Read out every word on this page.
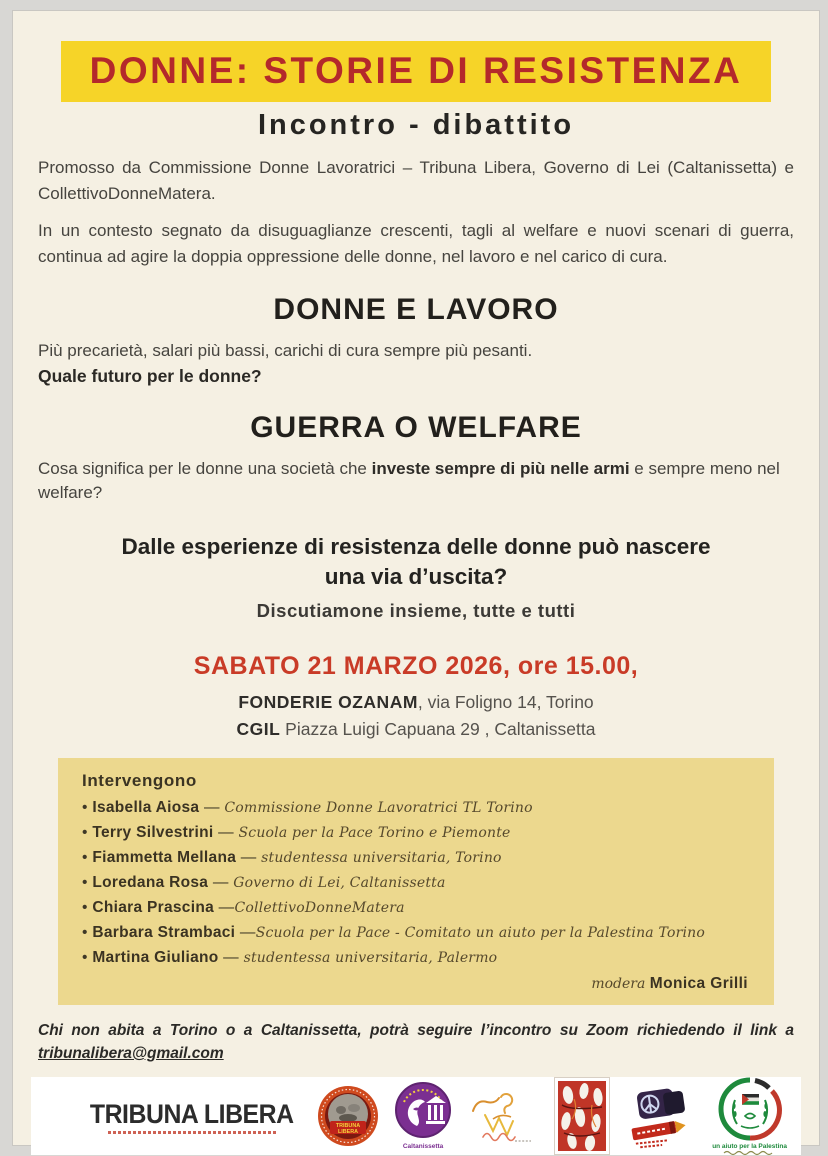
DONNE: STORIE DI RESISTENZA
Incontro - dibattito

Promosso da Commissione Donne Lavoratrici – Tribuna Libera, Governo di Lei (Caltanissetta) e CollettivoDonneMatera.

In un contesto segnato da disuguaglianze crescenti, tagli al welfare e nuovi scenari di guerra, continua ad agire la doppia oppressione delle donne, nel lavoro e nel carico di cura.

DONNE E LAVORO

Più precarietà, salari più bassi, carichi di cura sempre più pesanti.

Quale futuro per le donne?

GUERRA O WELFARE

Cosa significa per le donne una società che investe sempre di più nelle armi e sempre meno nel welfare?

Dalle esperienze di resistenza delle donne può nascere
una via d’uscita?
Discutiamone insieme, tutte e tutti
SABATO 21 MARZO 2026, ore 15.00,
FONDERIE OZANAM, via Foligno 14, Torino
CGIL Piazza Luigi Capuana 29 , Caltanissetta
Intervengono
• Isabella Aiosa — Commissione Donne Lavoratrici TL Torino
• Terry Silvestrini — Scuola per la Pace Torino e Piemonte
• Fiammetta Mellana — studentessa universitaria, Torino
• Loredana Rosa — Governo di Lei, Caltanissetta
• Chiara Prascina —CollettivoDonneMatera
• Barbara Strambaci —Scuola per la Pace - Comitato un aiuto per la Palestina Torino
• Martina Giuliano — studentessa universitaria, Palermo
modera Monica Grilli

Chi non abita a Torino o a Caltanissetta, potrà seguire l’incontro su Zoom richiedendo il link a tribunalibera@gmail.com

TRIBUNA LIBERA	TRIBUNA
LIBERA
Caltanissetta	un aiuto per la Palestina
